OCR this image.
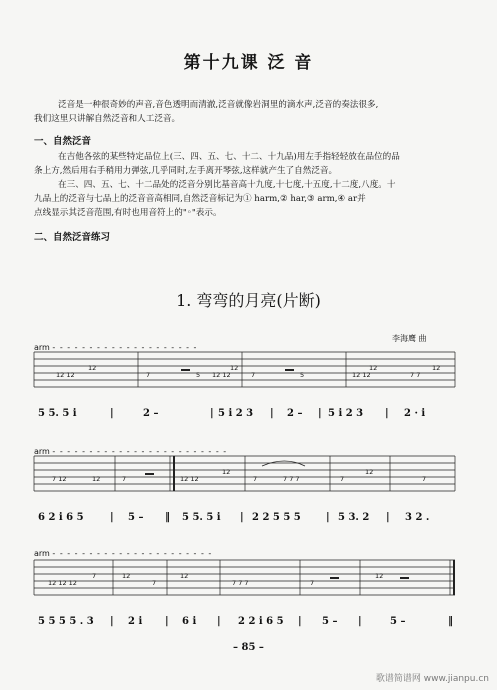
第十九课 泛 音
泛音是一种很奇妙的声音,音色透明而清澈,泛音就像岩洞里的滴水声,泛音的奏法很多,
我们这里只讲解自然泛音和人工泛音。
一、自然泛音
在吉他各弦的某些特定品位上(三、四、五、七、十二、十九品)用左手指轻轻放在品位的品
条上方,然后用右手稍用力弹弦,几乎同时,左手离开琴弦,这样就产生了自然泛音。
在三、四、五、七、十二品处的泛音分别比基音高十九度,十七度,十五度,十二度,八度。十
九品上的泛音与七品上的泛音音高相同,自然泛音标记为① harm,② har,③ arm,④ ar并
点线显示其泛音范围,有时也用音符上的"◦"表示。
二、自然泛音练习
1. 弯弯的月亮(片断)
李海鹰 曲
arm - - - - - - - - - - - - - - - - - - - -
12 12
12
7	5 12 12
12
7	5	12 12
12
7 7
12
5 5. 5 i	|	2 –	| 5 i 2 3 | 2 – | 5 i 2 3 | 2 · i
arm - - - - - - - - - - - - - - - - - - - - - - - -
7 12	12	7	12 12
12
7	7 7 7	7
12
7
6 2 i 6 5	| 5 – ‖ 5 5. 5 i | 2 2 5 5 5	| 5 3. 2 | 3 2 .
arm - - - - - - - - - - - - - - - - - - - - - -
12 12 12
7	12
7
12
7 7 7	7
12
5 5 5 5 . 3 | 2 i | 6 i | 2 2 i 6 5 | 5 – |	5 –	‖
– 85 –
歌谱简谱网 www.jianpu.cn
